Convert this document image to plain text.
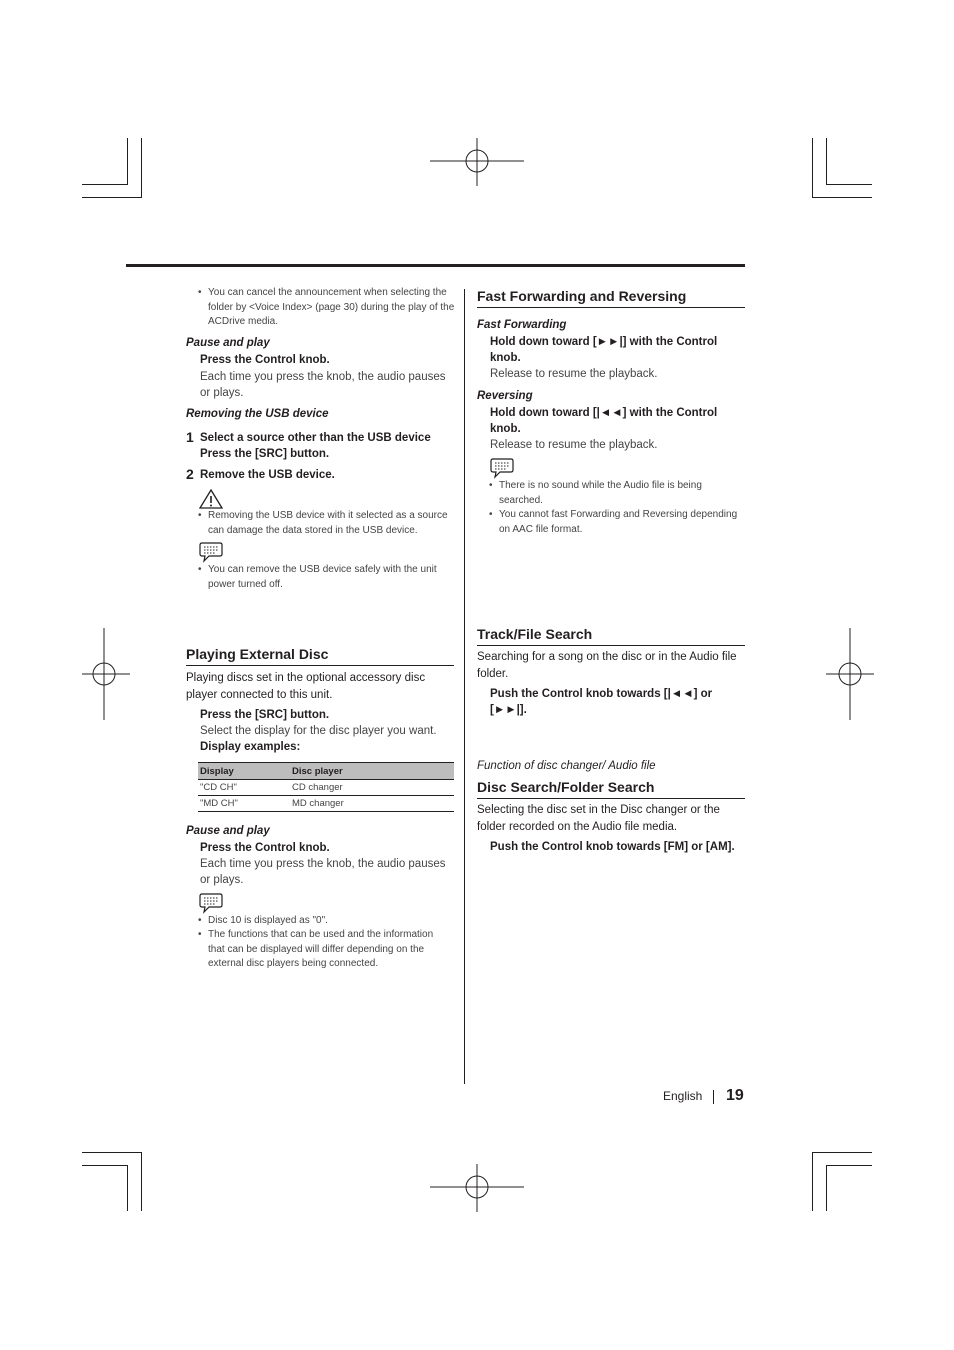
• You can cancel the announcement when selecting the folder by <Voice Index> (page 30) during the play of the ACDrive media.
Pause and play
Press the Control knob.
Each time you press the knob, the audio pauses or plays.
Removing the USB device
1 Select a source other than the USB device
Press the [SRC] button.
2 Remove the USB device.
• Removing the USB device with it selected as a source can damage the data stored in the USB device.
• You can remove the USB device safely with the unit power turned off.
Playing External Disc
Playing discs set in the optional accessory disc player connected to this unit.
Press the [SRC] button.
Select the display for the disc player you want.
Display examples:
Display	Disc player
"CD CH"	CD changer
"MD CH"	MD changer
Pause and play
Press the Control knob.
Each time you press the knob, the audio pauses or plays.
• Disc 10 is displayed as "0".
• The functions that can be used and the information that can be displayed will differ depending on the external disc players being connected.
Fast Forwarding and Reversing
Fast Forwarding
Hold down toward [►►|] with the Control
knob.
Release to resume the playback.
Reversing
Hold down toward [|◄◄] with the Control
knob.
Release to resume the playback.
• There is no sound while the Audio file is being searched.
• You cannot fast Forwarding and Reversing depending on AAC file format.
Track/File Search
Searching for a song on the disc or in the Audio file folder.
Push the Control knob towards [|◄◄] or
[►►|].
Function of disc changer/ Audio file
Disc Search/Folder Search
Selecting the disc set in the Disc changer or the folder recorded on the Audio file media.
Push the Control knob towards [FM] or [AM].
English 19
